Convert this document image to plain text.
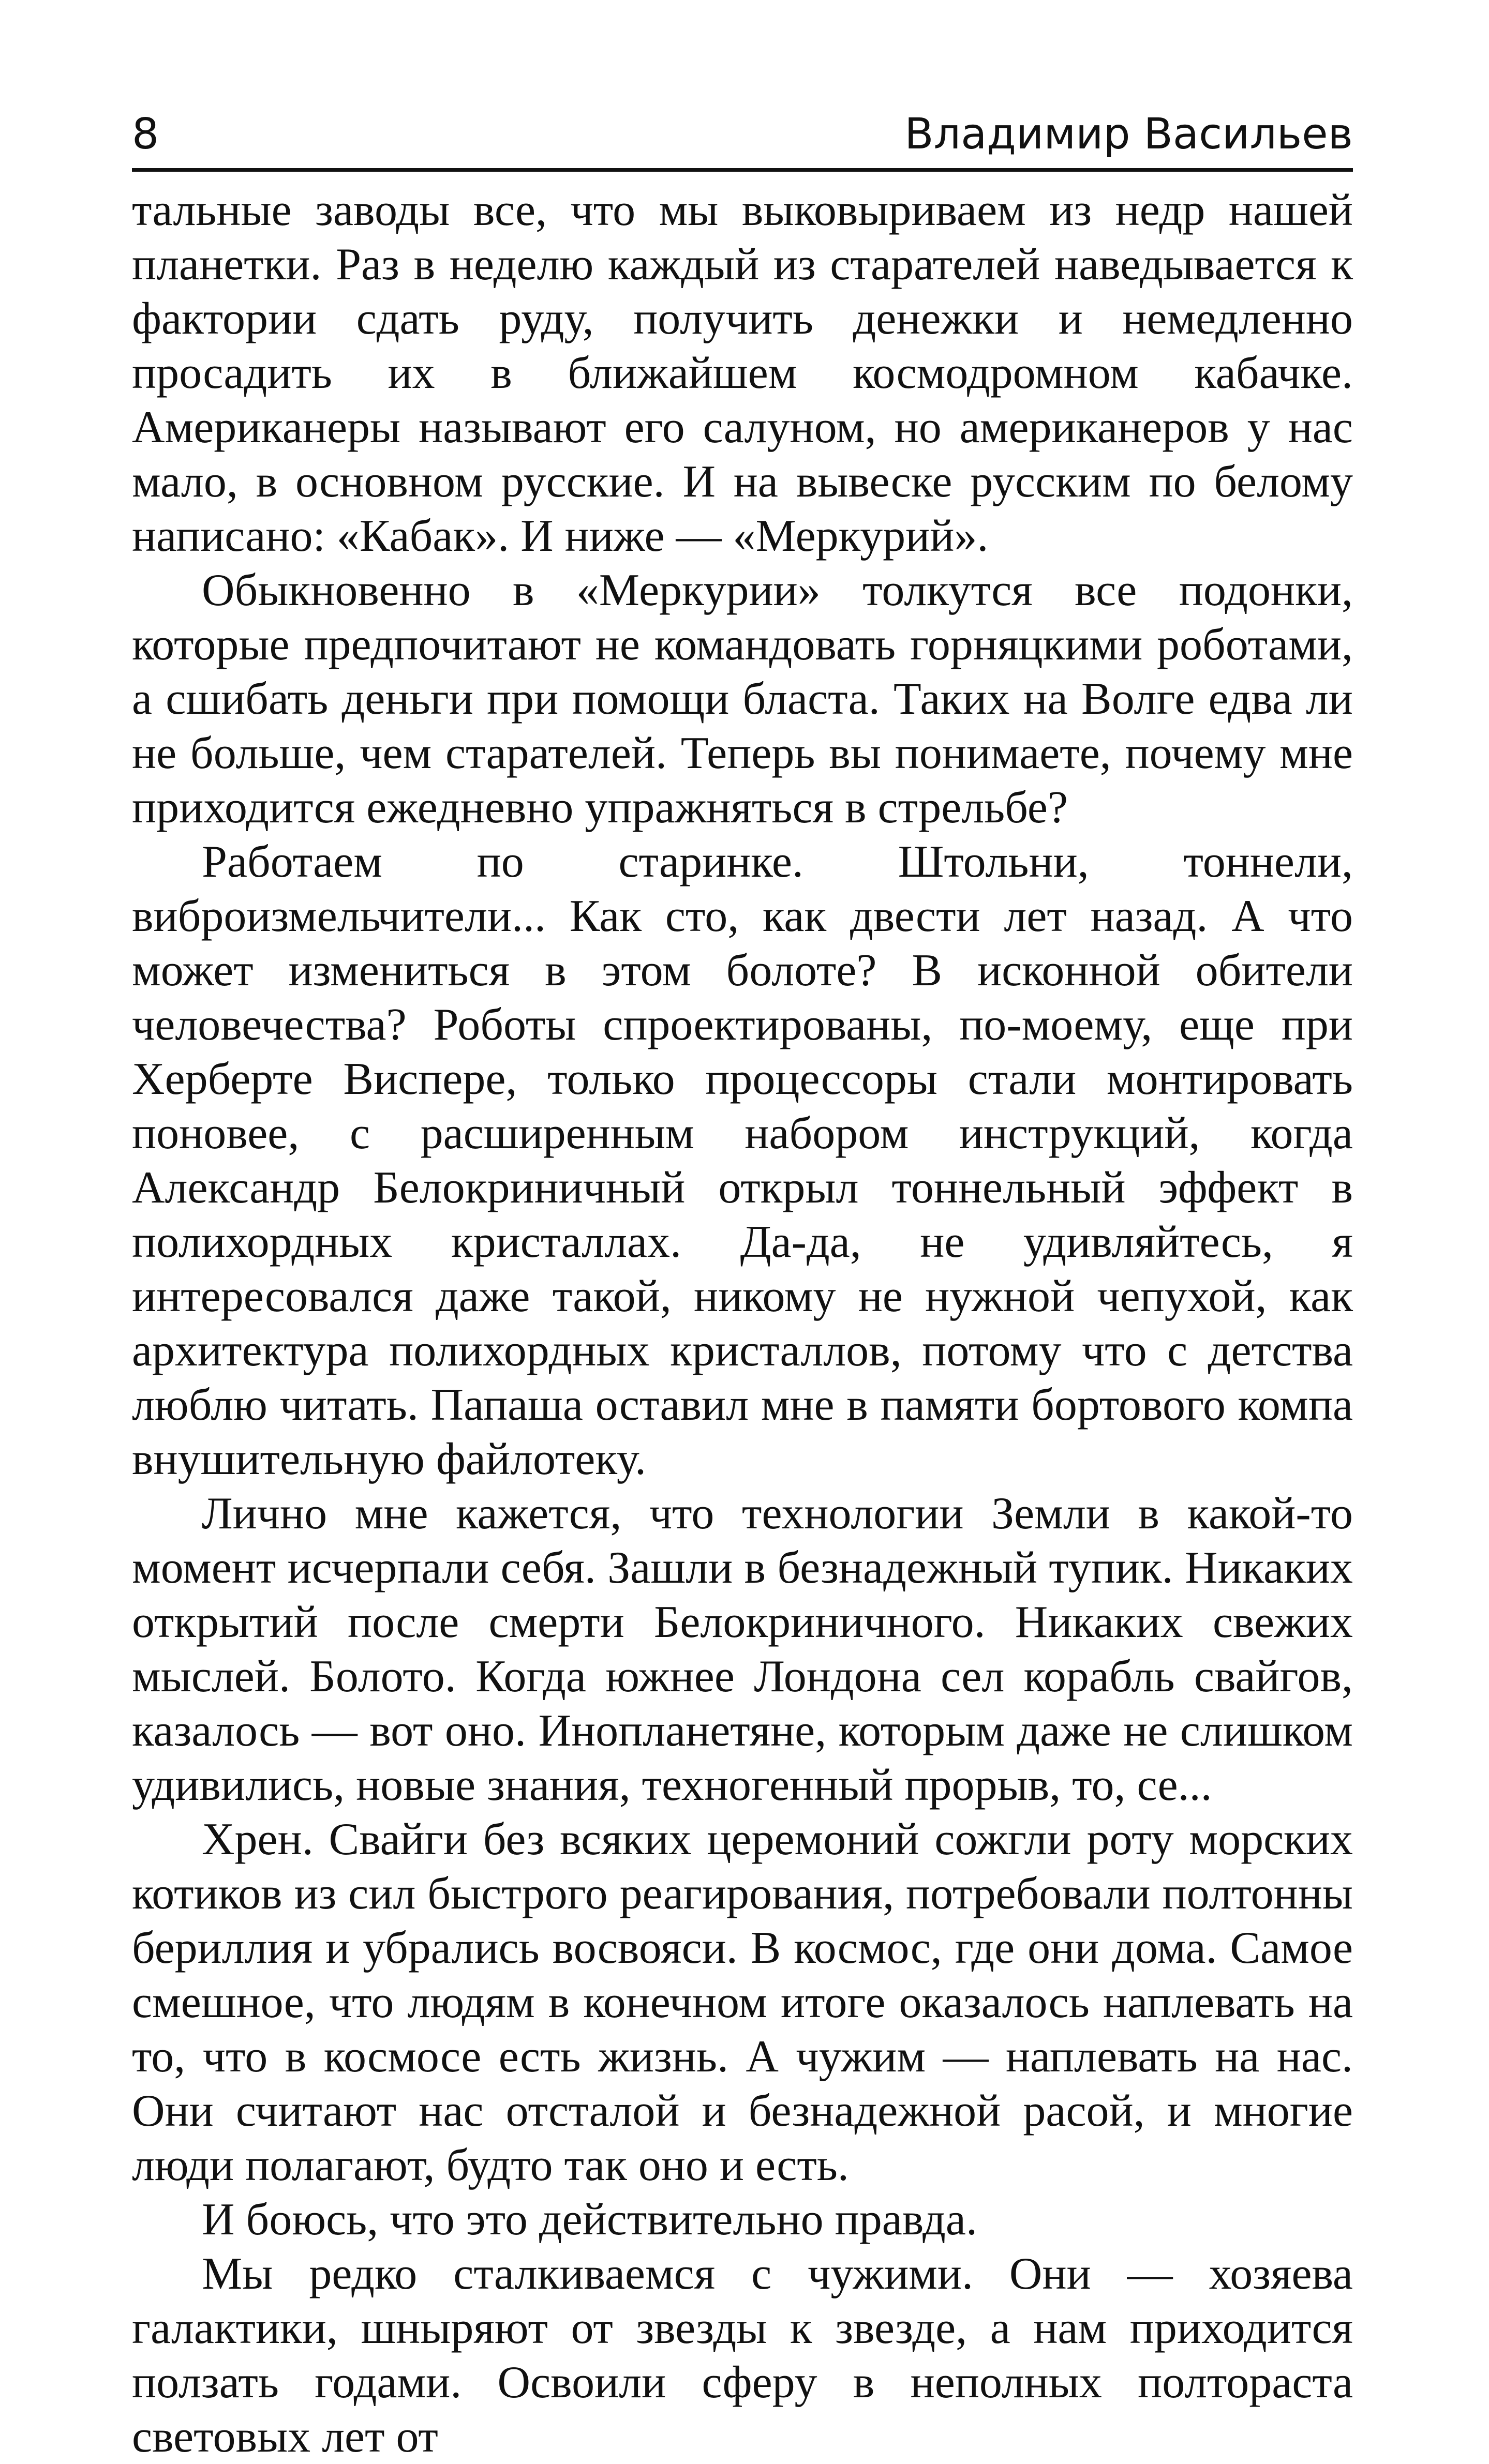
8	Владимир Васильев

тальные заводы все, что мы выковыриваем из недр нашей планетки. Раз в неделю каждый из старателей наведывается к фактории сдать руду, получить денежки и немедленно просадить их в ближайшем космодромном кабачке. Американеры называют его салуном, но американеров у нас мало, в основном русские. И на вывеске русским по белому написано: «Кабак». И ниже — «Меркурий».

Обыкновенно в «Меркурии» толкутся все подонки, которые предпочитают не командовать горняцкими роботами, а сшибать деньги при помощи бласта. Таких на Волге едва ли не больше, чем старателей. Теперь вы понимаете, почему мне приходится ежедневно упражняться в стрельбе?

Работаем по старинке. Штольни, тоннели, виброизмельчители... Как сто, как двести лет назад. А что может измениться в этом болоте? В исконной обители человечества? Роботы спроектированы, по-моему, еще при Херберте Виспере, только процессоры стали монтировать поновее, с расширенным набором инструкций, когда Александр Белокриничный открыл тоннельный эффект в полихордных кристаллах. Да-да, не удивляйтесь, я интересовался даже такой, никому не нужной чепухой, как архитектура полихордных кристаллов, потому что с детства люблю читать. Папаша оставил мне в памяти бортового компа внушительную файлотеку.

Лично мне кажется, что технологии Земли в какой-то момент исчерпали себя. Зашли в безнадежный тупик. Никаких открытий после смерти Белокриничного. Никаких свежих мыслей. Болото. Когда южнее Лондона сел корабль свайгов, казалось — вот оно. Инопланетяне, которым даже не слишком удивились, новые знания, техногенный прорыв, то, се...

Хрен. Свайги без всяких церемоний сожгли роту морских котиков из сил быстрого реагирования, потребовали полтонны бериллия и убрались восвояси. В космос, где они дома. Самое смешное, что людям в конечном итоге оказалось наплевать на то, что в космосе есть жизнь. А чужим — наплевать на нас. Они считают нас отсталой и безнадежной расой, и многие люди полагают, будто так оно и есть.

И боюсь, что это действительно правда.

Мы редко сталкиваемся с чужими. Они — хозяева галактики, шныряют от звезды к звезде, а нам приходится ползать годами. Освоили сферу в неполных полтораста световых лет от
